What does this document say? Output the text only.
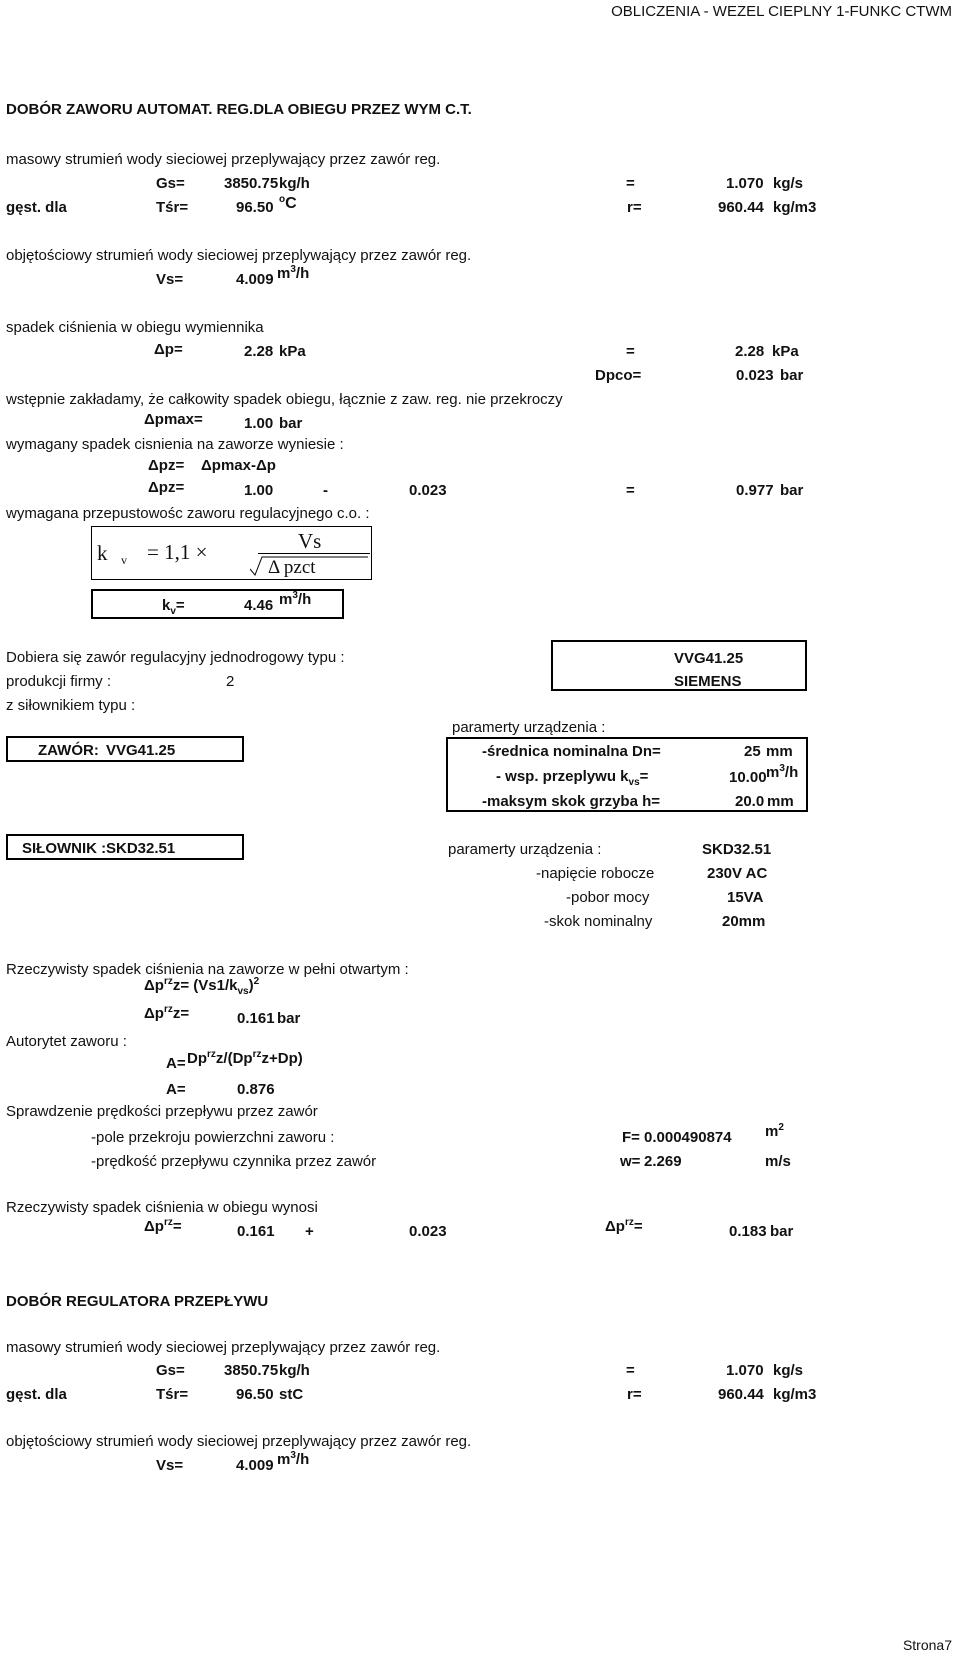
OBLICZENIA - WEZEL CIEPLNY 1-FUNKC CTWM
DOBÓR ZAWORU AUTOMAT. REG.DLA OBIEGU PRZEZ WYM C.T.
masowy strumień wody sieciowej przeplywający przez zawór reg.
Gs=	3850.75 kg/h	=	1.070 kg/s
gęst. dla	Tśr=	96.50 $^o$C	r=	960.44 kg/m3
objętościowy strumień wody sieciowej przeplywający przez zawór reg.
Vs=	4.009 $m^3/h$
spadek ciśnienia w obiegu wymiennika
Δp=	2.28 kPa	=	2.28 kPa
Dpco=	0.023 bar
wstępnie zakładamy, że całkowity spadek obiegu, łącznie z zaw. reg. nie przekroczy
Δpmax=	1.00 bar
wymagany spadek cisnienia na zaworze wyniesie :
Δpz= Δpmax-Δp
Δpz=	1.00	-	0.023	=	0.977 bar
wymagana przepustowośc zaworu regulacyjnego c.o. :
k v = 1,1 ×	Vs
Δ pzct
$k_v=$	4.46 $m^3/h$
Dobiera się zawór regulacyjny jednodrogowy typu :
produkcji firmy :	2
VVG41.25
SIEMENS
z siłownikiem typu :
paramerty urządzenia :
ZAWÓR: VVG41.25	-średnica nominalna Dn=	25 mm
- wsp. przeplywu $k_{vs}=$	10.00 $m^3/h$
-maksym skok grzyba h=	20.0 mm
SIŁOWNIK : SKD32.51	paramerty urządzenia :	SKD32.51
-napięcie robocze	230V AC
-pobor mocy	15VA
-skok nominalny	20mm
Rzeczywisty spadek ciśnienia na zaworze w pełni otwartym :
$\Delta p^{rz}z= (Vs1/k_{vs})^2$
$\Delta p^{rz}z=$	0.161 bar
Autorytet zaworu :
$A= Dp^{rz}z/(Dp^{rz}z+Dp)$
A=	0.876
Sprawdzenie prędkości przepływu przez zawór
-pole przekroju powierzchni zaworu :	F= 0.000490874 $m^2$
-prędkość przepływu czynnika przez zawór	w= 2.269	m/s
Rzeczywisty spadek ciśnienia w obiegu wynosi
$\Delta p^{rz}=$	0.161 +	0.023	$\Delta p^{rz}=$	0.183 bar
DOBÓR REGULATORA PRZEPŁYWU
masowy strumień wody sieciowej przeplywający przez zawór reg.
Gs=	3850.75 kg/h	=	1.070 kg/s
gęst. dla	Tśr=	96.50 stC	r=	960.44 kg/m3
objętościowy strumień wody sieciowej przeplywający przez zawór reg.
Vs=	4.009 $m^3/h$
Strona7
